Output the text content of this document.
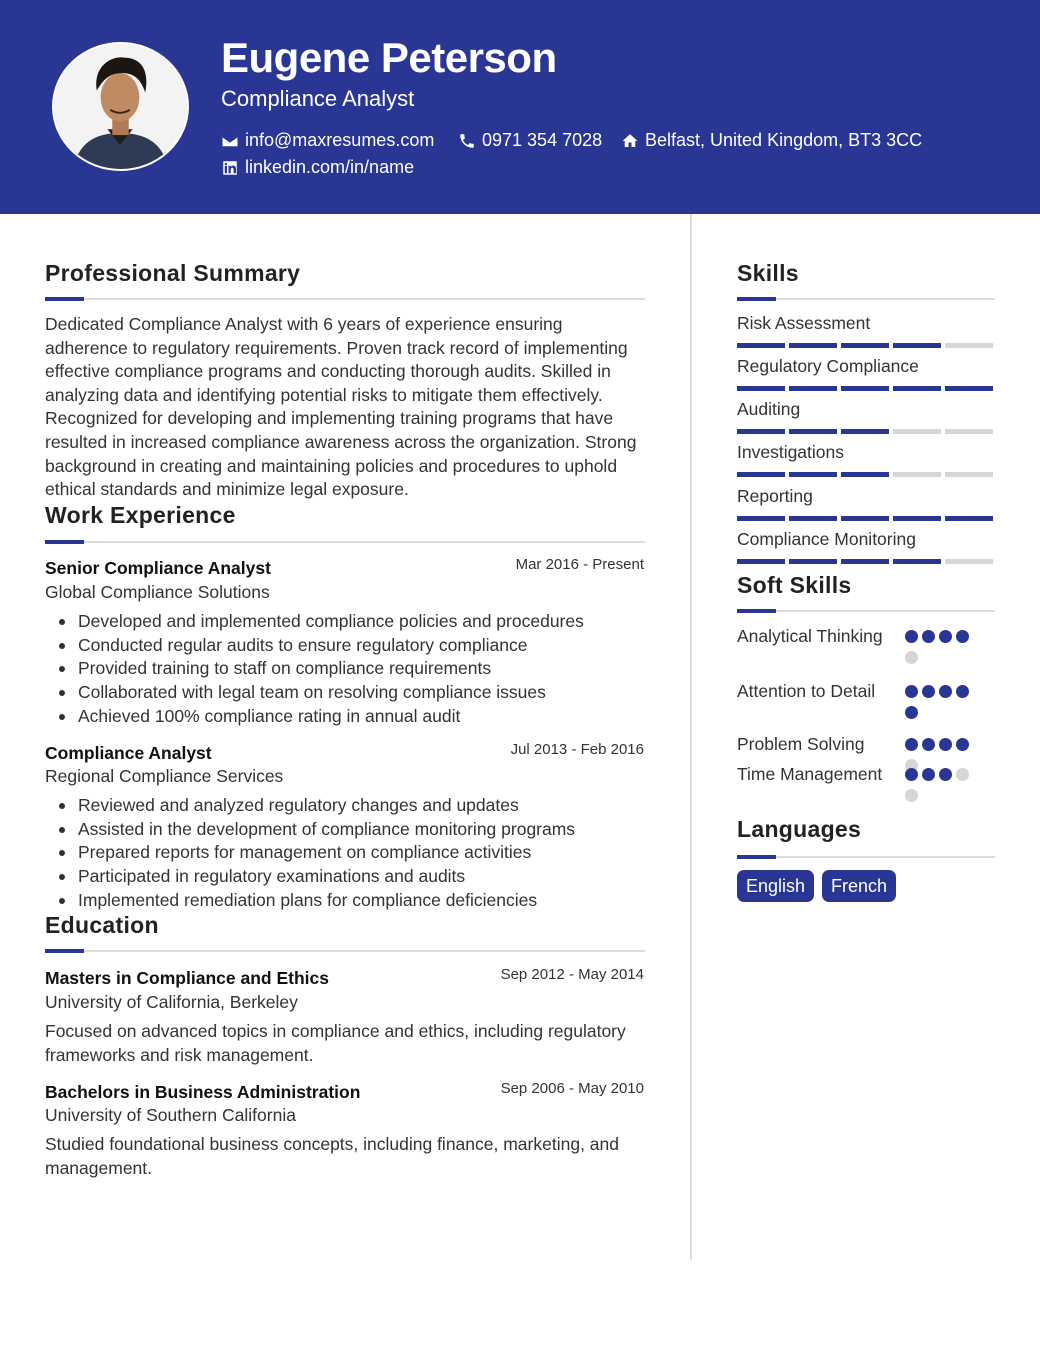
Eugene Peterson
Compliance Analyst
info@maxresumes.com	0971 354 7028 Belfast, United Kingdom, BT3 3CC
linkedin.com/in/name
Professional Summary
Dedicated Compliance Analyst with 6 years of experience ensuring adherence to regulatory requirements. Proven track record of implementing effective compliance programs and conducting thorough audits. Skilled in analyzing data and identifying potential risks to mitigate them effectively. Recognized for developing and implementing training programs that have resulted in increased compliance awareness across the organization. Strong background in creating and maintaining policies and procedures to uphold ethical standards and minimize legal exposure.
Work Experience
Senior Compliance Analyst	Mar 2016 - Present
Global Compliance Solutions
Developed and implemented compliance policies and procedures
Conducted regular audits to ensure regulatory compliance
Provided training to staff on compliance requirements
Collaborated with legal team on resolving compliance issues
Achieved 100% compliance rating in annual audit
Compliance Analyst	Jul 2013 - Feb 2016
Regional Compliance Services
Reviewed and analyzed regulatory changes and updates
Assisted in the development of compliance monitoring programs
Prepared reports for management on compliance activities
Participated in regulatory examinations and audits
Implemented remediation plans for compliance deficiencies
Education
Masters in Compliance and Ethics	Sep 2012 - May 2014
University of California, Berkeley
Focused on advanced topics in compliance and ethics, including regulatory frameworks and risk management.
Bachelors in Business Administration	Sep 2006 - May 2010
University of Southern California
Studied foundational business concepts, including finance, marketing, and management.
Skills
Risk Assessment
Regulatory Compliance
Auditing
Investigations
Reporting
Compliance Monitoring
Soft Skills
Analytical Thinking
Attention to Detail
Problem Solving
Time Management
Languages
English	French
